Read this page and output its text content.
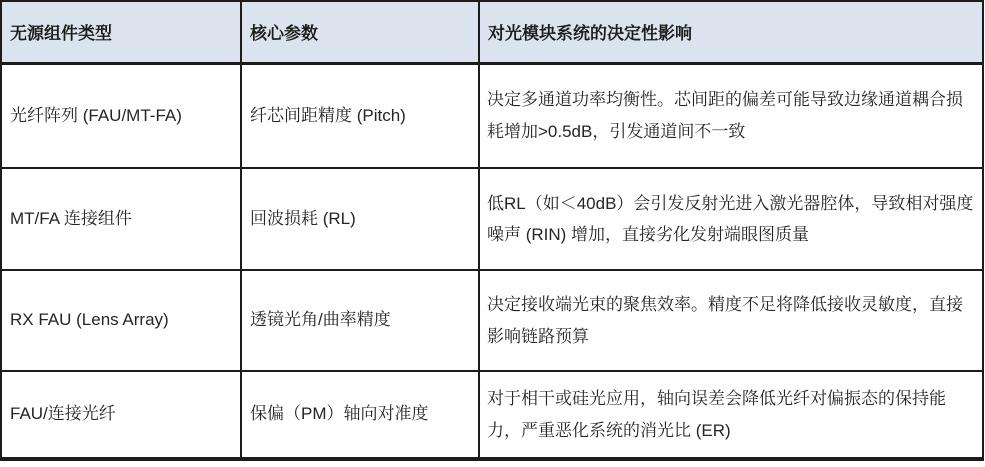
无源组件类型	核心参数	对光模块系统的决定性影响
光纤阵列 (FAU/MT-FA)	纤芯间距精度 (Pitch)	决定多通道功率均衡性。芯间距的偏差可能导致边缘通道耦合损耗增加>0.5dB，引发通道间不一致
MT/FA 连接组件	回波损耗 (RL)	低RL（如＜40dB）会引发反射光进入激光器腔体，导致相对强度噪声 (RIN) 增加，直接劣化发射端眼图质量
RX FAU (Lens Array)	透镜光角/曲率精度	决定接收端光束的聚焦效率。精度不足将降低接收灵敏度，直接影响链路预算
FAU/连接光纤	保偏（PM）轴向对准度	对于相干或硅光应用，轴向误差会降低光纤对偏振态的保持能力，严重恶化系统的消光比 (ER)
